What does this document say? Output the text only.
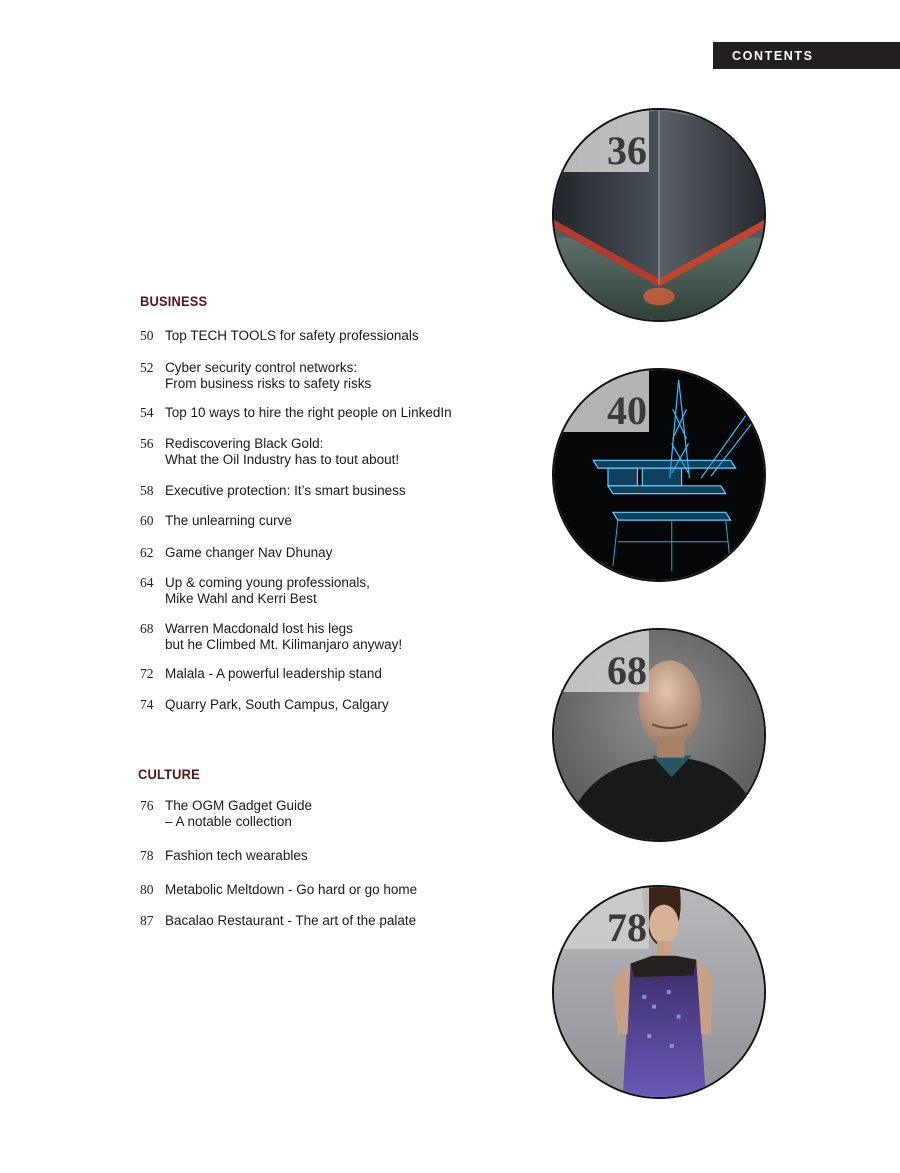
CONTENTS
BUSINESS
50 Top TECH TOOLS for safety professionals
52 Cyber security control networks:
From business risks to safety risks
54 Top 10 ways to hire the right people on LinkedIn
56 Rediscovering Black Gold:
What the Oil Industry has to tout about!
58 Executive protection: It’s smart business
60 The unlearning curve
62 Game changer Nav Dhunay
64 Up & coming young professionals,
Mike Wahl and Kerri Best
68 Warren Macdonald lost his legs
but he Climbed Mt. Kilimanjaro anyway!
72 Malala - A powerful leadership stand
74 Quarry Park, South Campus, Calgary
CULTURE
76 The OGM Gadget Guide
– A notable collection
78 Fashion tech wearables
80 Metabolic Meltdown - Go hard or go home
87 Bacalao Restaurant - The art of the palate
36
40
68
78
